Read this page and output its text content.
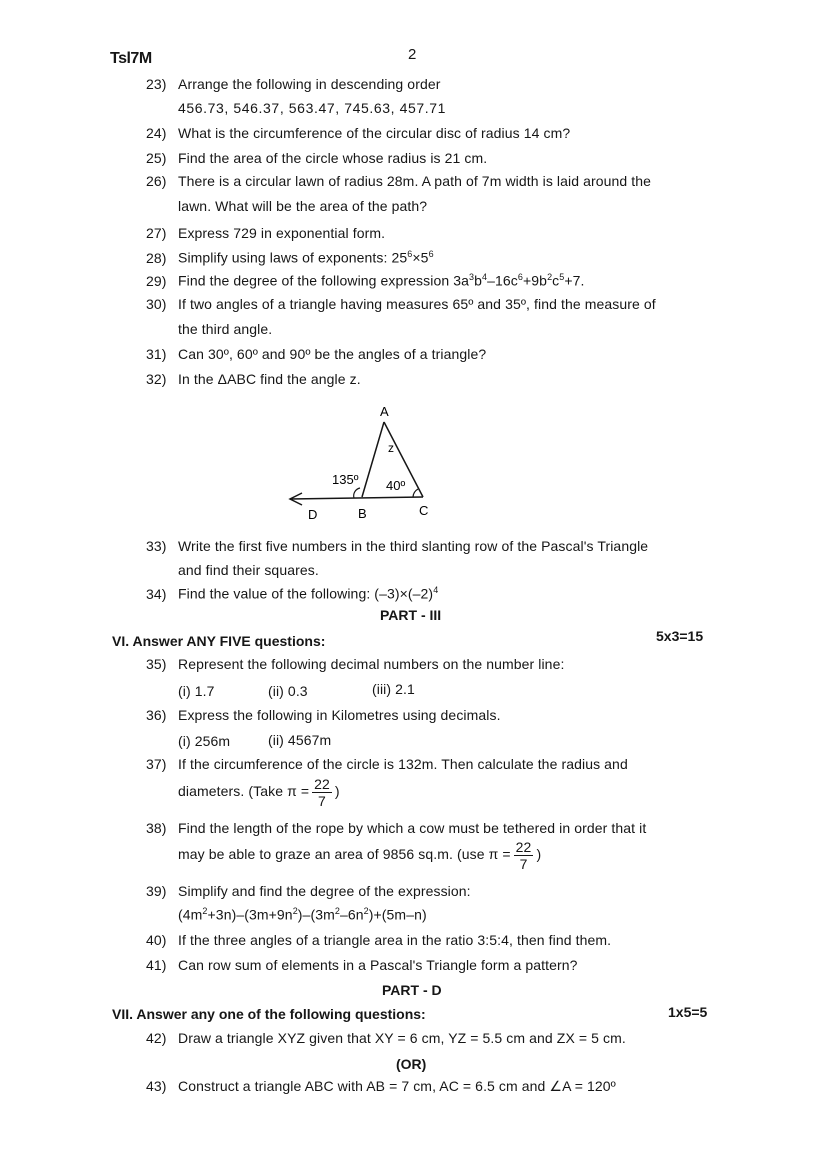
Tsl7M	2
23) Arrange the following in descending order
456.73, 546.37, 563.47, 745.63, 457.71
24) What is the circumference of the circular disc of radius 14 cm?
25) Find the area of the circle whose radius is 21 cm.
26) There is a circular lawn of radius 28m. A path of 7m width is laid around the
lawn. What will be the area of the path?
27) Express 729 in exponential form.
28) Simplify using laws of exponents: $25^6\times 5^6$
29) Find the degree of the following expression $3a^3b^4-16c^6+9b^2c^5+7$.
30) If two angles of a triangle having measures 65º and 35º, find the measure of
the third angle.
31) Can 30º, 60º and 90º be the angles of a triangle?
32) In the ΔABC find the angle z.
A
z
135º 40º
D	B	C
33) Write the first five numbers in the third slanting row of the Pascal's Triangle
and find their squares.
34) Find the value of the following: $(-3)\times(-2)^4$
PART - III
VI. Answer ANY FIVE questions:	5x3=15
35) Represent the following decimal numbers on the number line:
(i) 1.7	(ii) 0.3	(iii) 2.1
36) Express the following in Kilometres using decimals.
(i) 256m	(ii) 4567m
37) If the circumference of the circle is 132m. Then calculate the radius and
diameters. (Take $\pi = \frac{22}{7}$ )
38) Find the length of the rope by which a cow must be tethered in order that it
may be able to graze an area of 9856 sq.m. (use $\pi = \frac{22}{7}$ )
39) Simplify and find the degree of the expression:
$(4m^2+3n)-(3m+9n^2)-(3m^2-6n^2)+(5m-n)$
40) If the three angles of a triangle area in the ratio 3:5:4, then find them.
41) Can row sum of elements in a Pascal's Triangle form a pattern?
PART - D
VII. Answer any one of the following questions:	1x5=5
42) Draw a triangle XYZ given that XY = 6 cm, YZ = 5.5 cm and ZX = 5 cm.
(OR)
43) Construct a triangle ABC with AB = 7 cm, AC = 6.5 cm and ∠A = 120º
